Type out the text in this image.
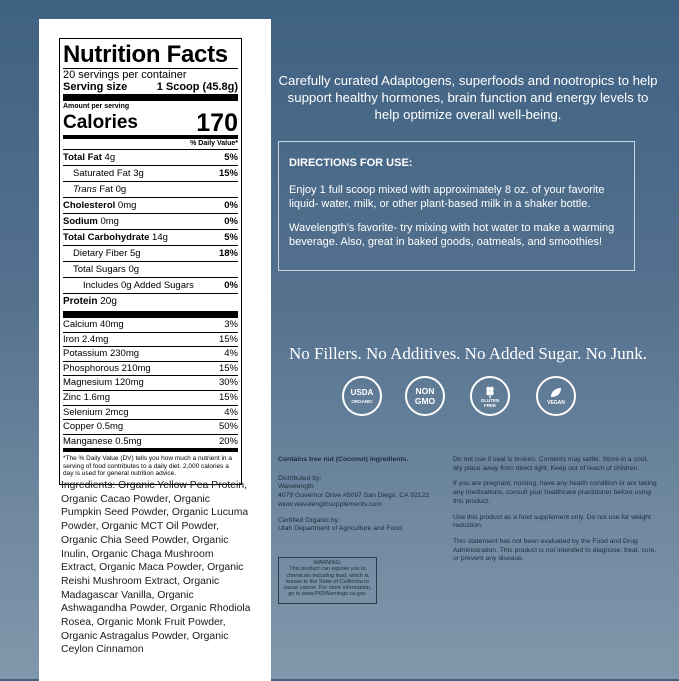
Nutrition Facts
20 servings per container
Serving size	1 Scoop (45.8g)
Amount per serving
Calories 170
% Daily Value*
Total Fat 4g	5%
Saturated Fat 3g	15%
Trans Fat 0g
Cholesterol 0mg	0%
Sodium 0mg	0%
Total Carbohydrate 14g	5%
Dietary Fiber 5g	18%
Total Sugars 0g
Includes 0g Added Sugars	0%
Protein 20g
Calcium 40mg	3%
Iron 2.4mg	15%
Potassium 230mg	4%
Phosphorous 210mg	15%
Magnesium 120mg	30%
Zinc 1.6mg	15%
Selenium 2mcg	4%
Copper 0.5mg	50%
Manganese 0.5mg	20%
*The % Daily Value (DV) tells you how much a nutrient in a serving of food contributes to a daily diet. 2,000 calories a day is used for general nutrition advice.
Ingredients: Organic Yellow Pea Protein, Organic Cacao Powder, Organic Pumpkin Seed Powder, Organic Lucuma Powder, Organic MCT Oil Powder, Organic Chia Seed Powder, Organic Inulin, Organic Chaga Mushroom Extract, Organic Maca Powder, Organic Reishi Mushroom Extract, Organic Madagascar Vanilla, Organic Ashwagandha Powder, Organic Rhodiola Rosea, Organic Monk Fruit Powder, Organic Astragalus Powder, Organic Ceylon Cinnamon
Carefully curated Adaptogens, superfoods and nootropics to help support healthy hormones, brain function and energy levels to help optimize overall well-being.
DIRECTIONS FOR USE:

Enjoy 1 full scoop mixed with approximately 8 oz. of your favorite liquid- water, milk, or other plant-based milk in a shaker bottle.

Wavelength’s favorite- try mixing with hot water to make a warming beverage. Also, great in baked goods, oatmeals, and smoothies!

No Fillers. No Additives. No Added Sugar. No Junk.
USDA
ORGANIC
NON
GMO	GLUTEN
FREE	VEGAN

Contains tree nut (Coconut) ingredients.

Distributed by:
Wavelength
4079 Governor Drive #5097 San Diego, CA 92122

www.wavelengthsupplements.com

Certified Organic by:
Utah Department of Agriculture and Food
WARNING:
This product can expose you to chemicals including lead, which is known to the State of California to cause cancer. For more information, go to www.P65Warnings.ca.gov.

Do not use if seal is broken. Contents may settle. Store in a cool, dry place away from direct light. Keep out of reach of children.

If you are pregnant, nursing, have any health condition or are taking any medications, consult your healthcare practitioner before using this product.

Use this product as a food supplement only. Do not use for weight reduction.

This statement has not been evaluated by the Food and Drug Administration. This product is not intended to diagnose, treat, cure, or prevent any disease.
